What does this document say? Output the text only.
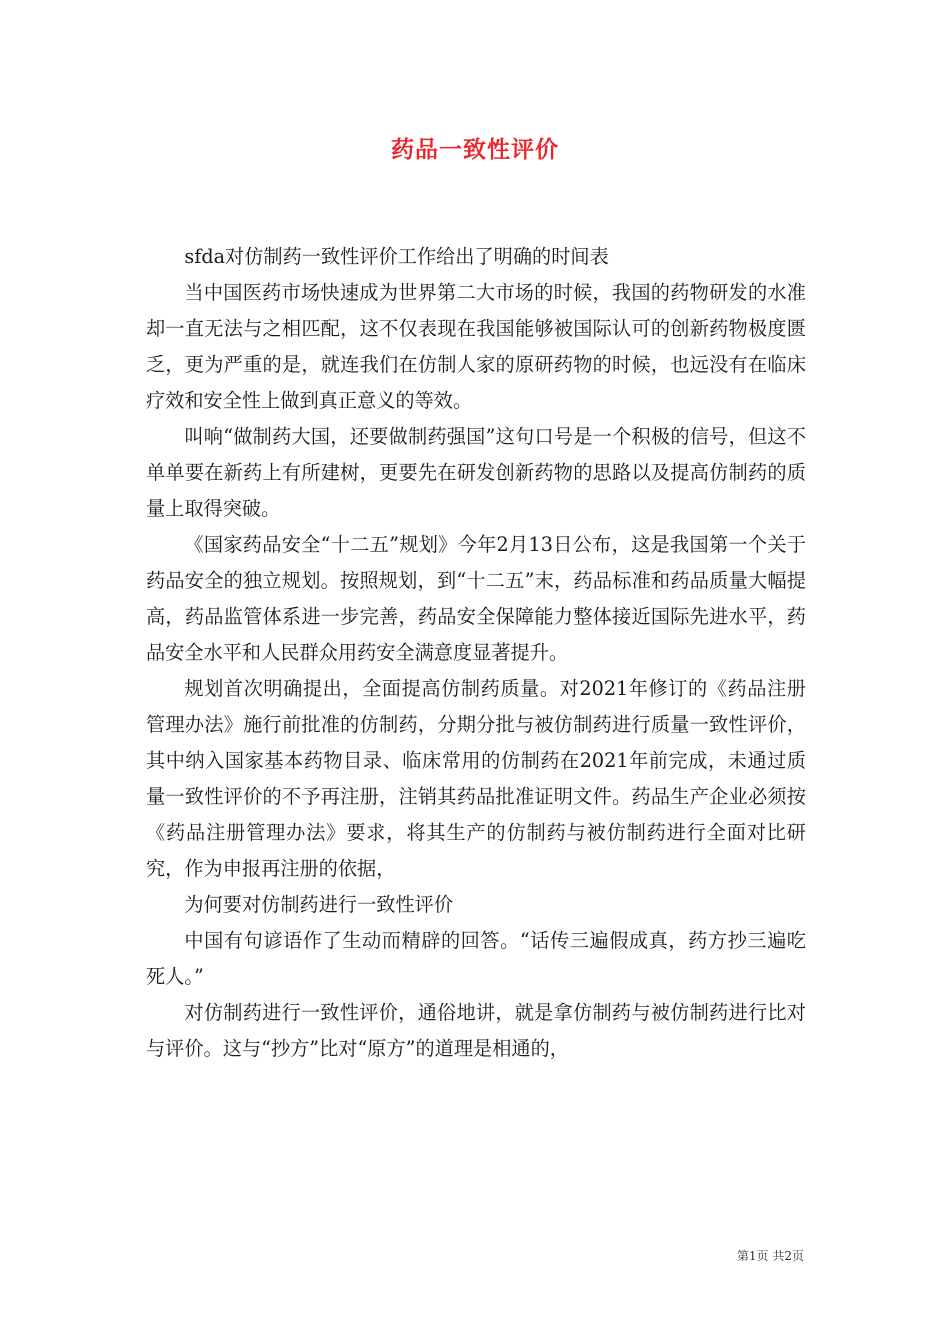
药品一致性评价

sfda对仿制药一致性评价工作给出了明确的时间表

当中国医药市场快速成为世界第二大市场的时候，我国的药物研发的水准却一直无法与之相匹配，这不仅表现在我国能够被国际认可的创新药物极度匮乏，更为严重的是，就连我们在仿制人家的原研药物的时候，也远没有在临床疗效和安全性上做到真正意义的等效。

叫响“做制药大国，还要做制药强国”这句口号是一个积极的信号，但这不单单要在新药上有所建树，更要先在研发创新药物的思路以及提高仿制药的质量上取得突破。

《国家药品安全“十二五”规划》今年2月13日公布，这是我国第一个关于药品安全的独立规划。按照规划，到“十二五”末，药品标准和药品质量大幅提高，药品监管体系进一步完善，药品安全保障能力整体接近国际先进水平，药品安全水平和人民群众用药安全满意度显著提升。

规划首次明确提出，全面提高仿制药质量。对2021年修订的《药品注册管理办法》施行前批准的仿制药，分期分批与被仿制药进行质量一致性评价，其中纳入国家基本药物目录、临床常用的仿制药在2021年前完成，未通过质量一致性评价的不予再注册，注销其药品批准证明文件。药品生产企业必须按《药品注册管理办法》要求，将其生产的仿制药与被仿制药进行全面对比研究，作为申报再注册的依据，

为何要对仿制药进行一致性评价

中国有句谚语作了生动而精辟的回答。“话传三遍假成真，药方抄三遍吃死人。”

对仿制药进行一致性评价，通俗地讲，就是拿仿制药与被仿制药进行比对与评价。这与“抄方”比对“原方”的道理是相通的，

第1页 共2页
